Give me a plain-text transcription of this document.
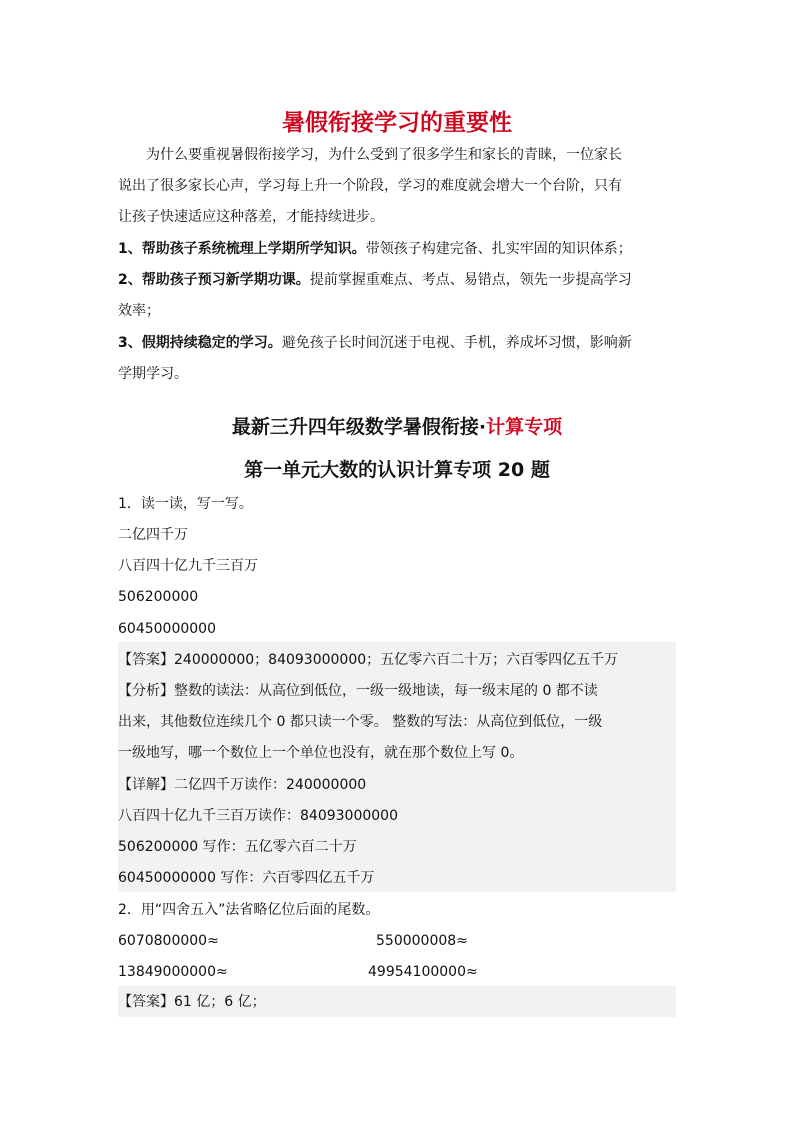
暑假衔接学习的重要性
为什么要重视暑假衔接学习，为什么受到了很多学生和家长的青睐，一位家长
说出了很多家长心声，学习每上升一个阶段，学习的难度就会增大一个台阶，只有
让孩子快速适应这种落差，才能持续进步。
1、帮助孩子系统梳理上学期所学知识。带领孩子构建完备、扎实牢固的知识体系；
2、帮助孩子预习新学期功课。提前掌握重难点、考点、易错点，领先一步提高学习
效率；
3、假期持续稳定的学习。避免孩子长时间沉迷于电视、手机，养成坏习惯，影响新
学期学习。
最新三升四年级数学暑假衔接·计算专项
第一单元大数的认识计算专项 20 题
1．读一读，写一写。
二亿四千万
八百四十亿九千三百万
506200000
60450000000
【答案】240000000；84093000000；五亿零六百二十万；六百零四亿五千万
【分析】整数的读法：从高位到低位，一级一级地读，每一级末尾的 0 都不读
出来，其他数位连续几个 0 都只读一个零。 整数的写法：从高位到低位，一级
一级地写，哪一个数位上一个单位也没有，就在那个数位上写 0。
【详解】二亿四千万读作：240000000
八百四十亿九千三百万读作：84093000000
506200000 写作：五亿零六百二十万
60450000000 写作：六百零四亿五千万
2．用“四舍五入”法省略亿位后面的尾数。
6070800000≈	550000008≈
13849000000≈	49954100000≈
【答案】61 亿；6 亿；
